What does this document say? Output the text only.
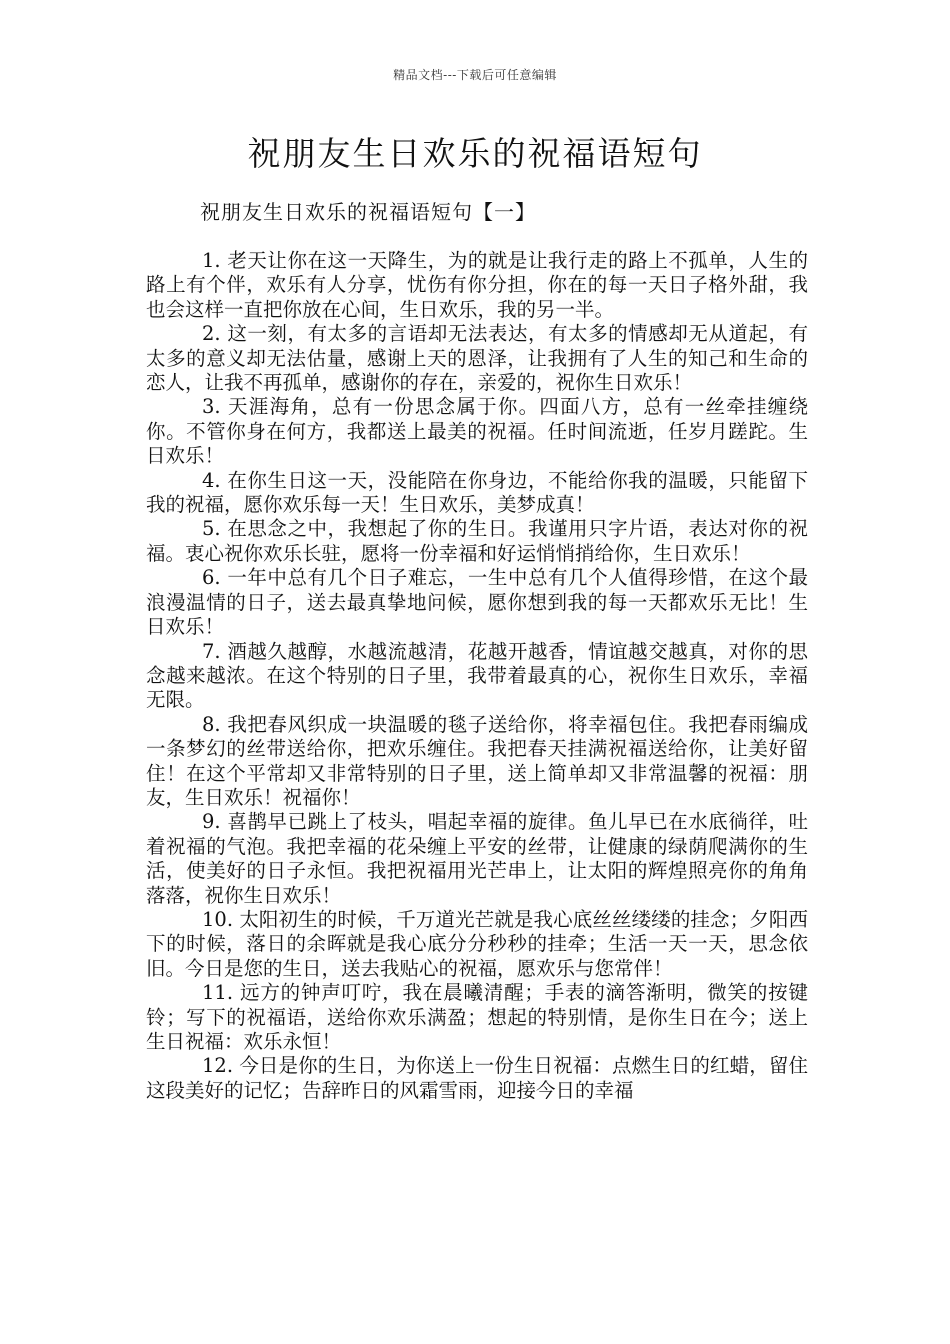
精品文档---下载后可任意编辑
祝朋友生日欢乐的祝福语短句
祝朋友生日欢乐的祝福语短句【一】

1. 老天让你在这一天降生，为的就是让我行走的路上不孤单，人生的路上有个伴，欢乐有人分享，忧伤有你分担，你在的每一天日子格外甜，我也会这样一直把你放在心间，生日欢乐，我的另一半。

2. 这一刻，有太多的言语却无法表达，有太多的情感却无从道起，有太多的意义却无法估量，感谢上天的恩泽，让我拥有了人生的知己和生命的恋人，让我不再孤单，感谢你的存在，亲爱的，祝你生日欢乐！

3. 天涯海角，总有一份思念属于你。四面八方，总有一丝牵挂缠绕你。不管你身在何方，我都送上最美的祝福。任时间流逝，任岁月蹉跎。生日欢乐！

4. 在你生日这一天，没能陪在你身边，不能给你我的温暖，只能留下我的祝福，愿你欢乐每一天！生日欢乐，美梦成真！

5. 在思念之中，我想起了你的生日。我谨用只字片语，表达对你的祝福。衷心祝你欢乐长驻，愿将一份幸福和好运悄悄捎给你，生日欢乐！

6. 一年中总有几个日子难忘，一生中总有几个人值得珍惜，在这个最浪漫温情的日子，送去最真挚地问候，愿你想到我的每一天都欢乐无比！生日欢乐！

7. 酒越久越醇，水越流越清，花越开越香，情谊越交越真，对你的思念越来越浓。在这个特别的日子里，我带着最真的心，祝你生日欢乐，幸福无限。

8. 我把春风织成一块温暖的毯子送给你，将幸福包住。我把春雨编成一条梦幻的丝带送给你，把欢乐缠住。我把春天挂满祝福送给你，让美好留住！在这个平常却又非常特别的日子里，送上简单却又非常温馨的祝福：朋友，生日欢乐！祝福你！

9. 喜鹊早已跳上了枝头，唱起幸福的旋律。鱼儿早已在水底徜徉，吐着祝福的气泡。我把幸福的花朵缠上平安的丝带，让健康的绿荫爬满你的生活，使美好的日子永恒。我把祝福用光芒串上，让太阳的辉煌照亮你的角角落落，祝你生日欢乐！

10. 太阳初生的时候，千万道光芒就是我心底丝丝缕缕的挂念；夕阳西下的时候，落日的余晖就是我心底分分秒秒的挂牵；生活一天一天，思念依旧。今日是您的生日，送去我贴心的祝福，愿欢乐与您常伴！

11. 远方的钟声叮咛，我在晨曦清醒；手表的滴答渐明，微笑的按键铃；写下的祝福语，送给你欢乐满盈；想起的特别情，是你生日在今；送上生日祝福：欢乐永恒！

12. 今日是你的生日，为你送上一份生日祝福：点燃生日的红蜡，留住这段美好的记忆；告辞昨日的风霜雪雨，迎接今日的幸福
